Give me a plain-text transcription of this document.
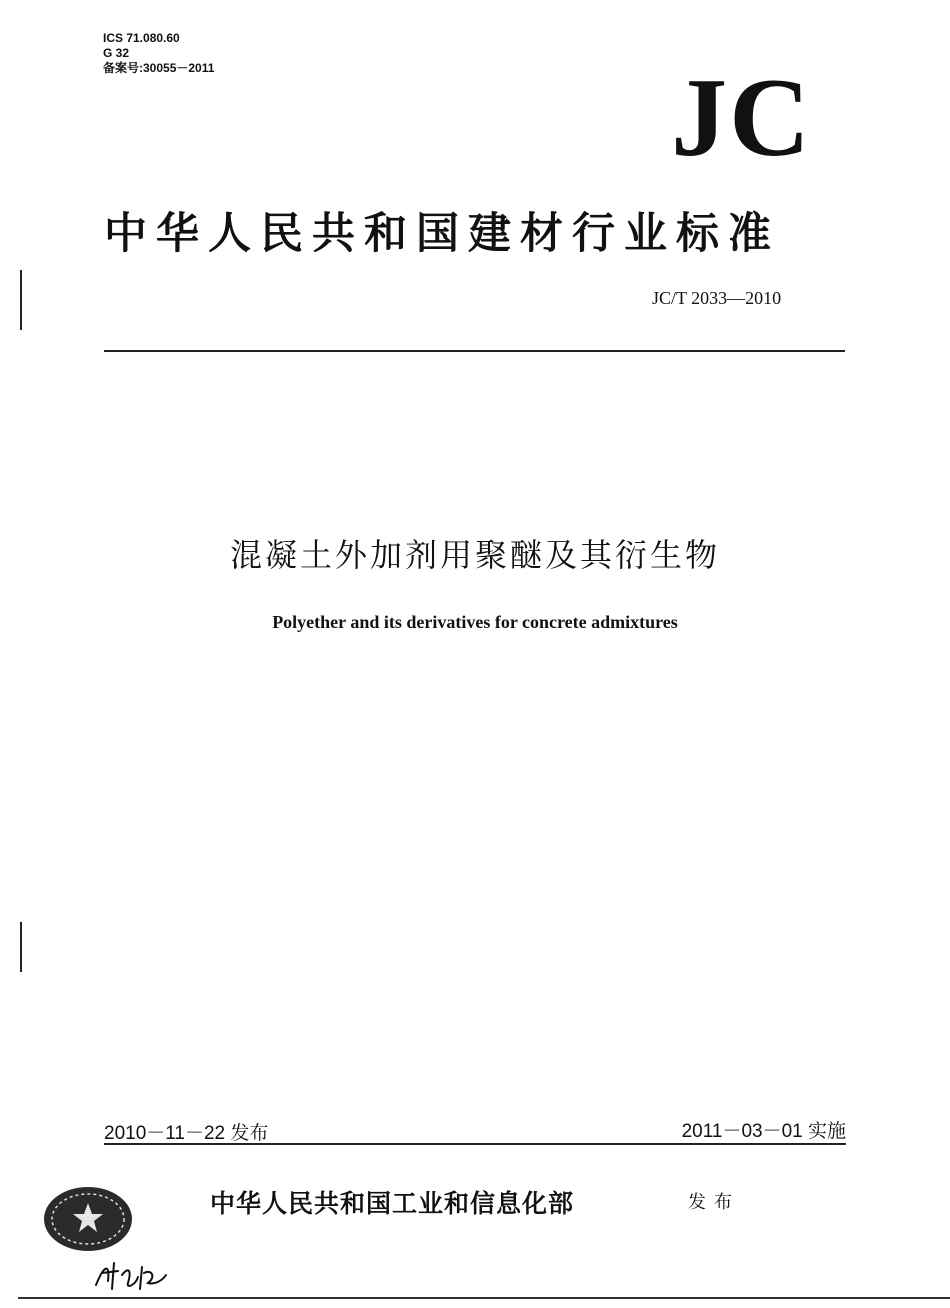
ICS 71.080.60
G 32
备案号:30055－2011	JC
中华人民共和国建材行业标准
JC/T 2033—2010
混凝土外加剂用聚醚及其衍生物
Polyether and its derivatives for concrete admixtures
2010－11－22 发布	2011－03－01 实施
中华人民共和国工业和信息化部	发布
